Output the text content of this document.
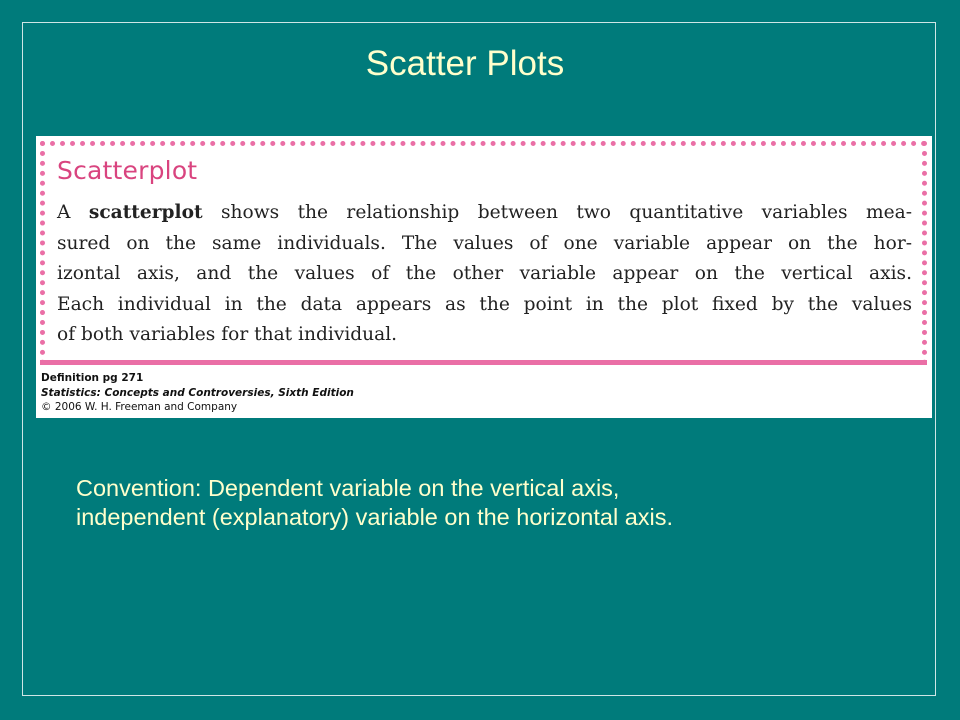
Scatter Plots
Scatterplot
A scatterplot shows the relationship between two quantitative variables mea-
sured on the same individuals. The values of one variable appear on the hor-
izontal axis, and the values of the other variable appear on the vertical axis.
Each individual in the data appears as the point in the plot fixed by the values
of both variables for that individual.
Definition pg 271
Statistics: Concepts and Controversies, Sixth Edition
© 2006 W. H. Freeman and Company
Convention: Dependent variable on the vertical axis,
independent (explanatory) variable on the horizontal axis.
